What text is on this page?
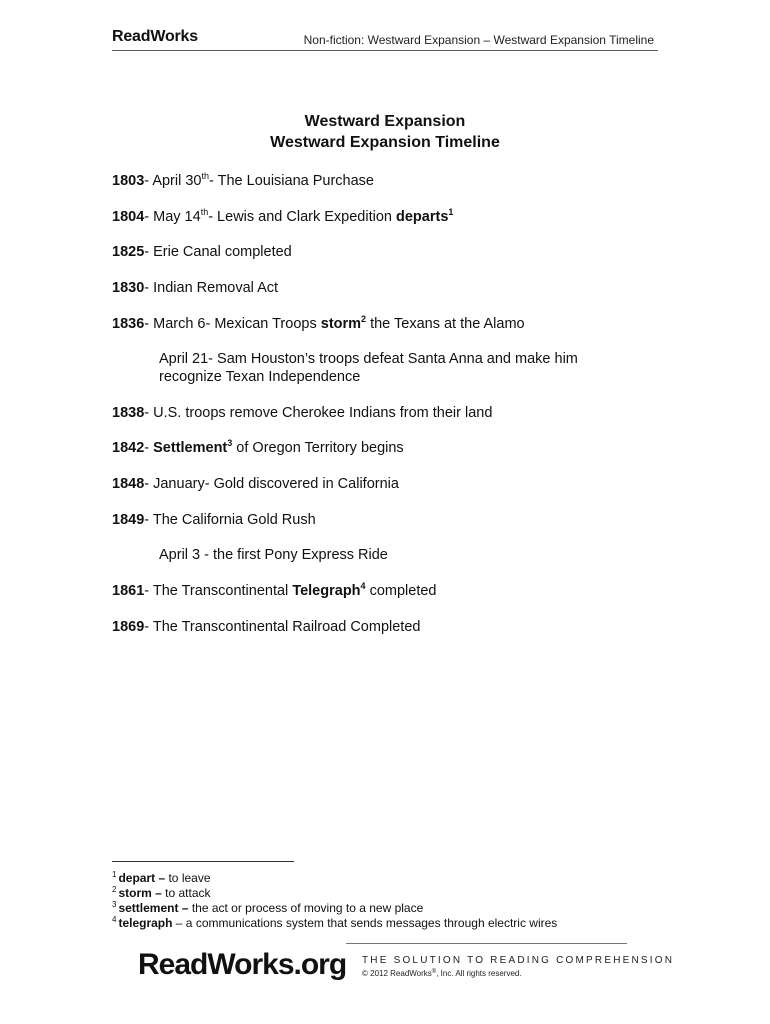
ReadWorks	Non-fiction: Westward Expansion – Westward Expansion Timeline
Westward Expansion
Westward Expansion Timeline

1803- April 30th- The Louisiana Purchase

1804- May 14th- Lewis and Clark Expedition departs$^1$

1825- Erie Canal completed

1830- Indian Removal Act

1836- March 6- Mexican Troops storm$^2$ the Texans at the Alamo

April 21- Sam Houston’s troops defeat Santa Anna and make him recognize Texan Independence

1838- U.S. troops remove Cherokee Indians from their land

1842- Settlement$^3$ of Oregon Territory begins

1848- January- Gold discovered in California

1849- The California Gold Rush

April 3 - the first Pony Express Ride

1861- The Transcontinental Telegraph$^4$ completed

1869- The Transcontinental Railroad Completed

$^1$ depart – to leave
$^2$ storm – to attack
$^3$ settlement – the act or process of moving to a new place
$^4$ telegraph – a communications system that sends messages through electric wires
ReadWorks.org THE SOLUTION TO READING COMPREHENSION
© 2012 ReadWorks®, Inc. All rights reserved.
